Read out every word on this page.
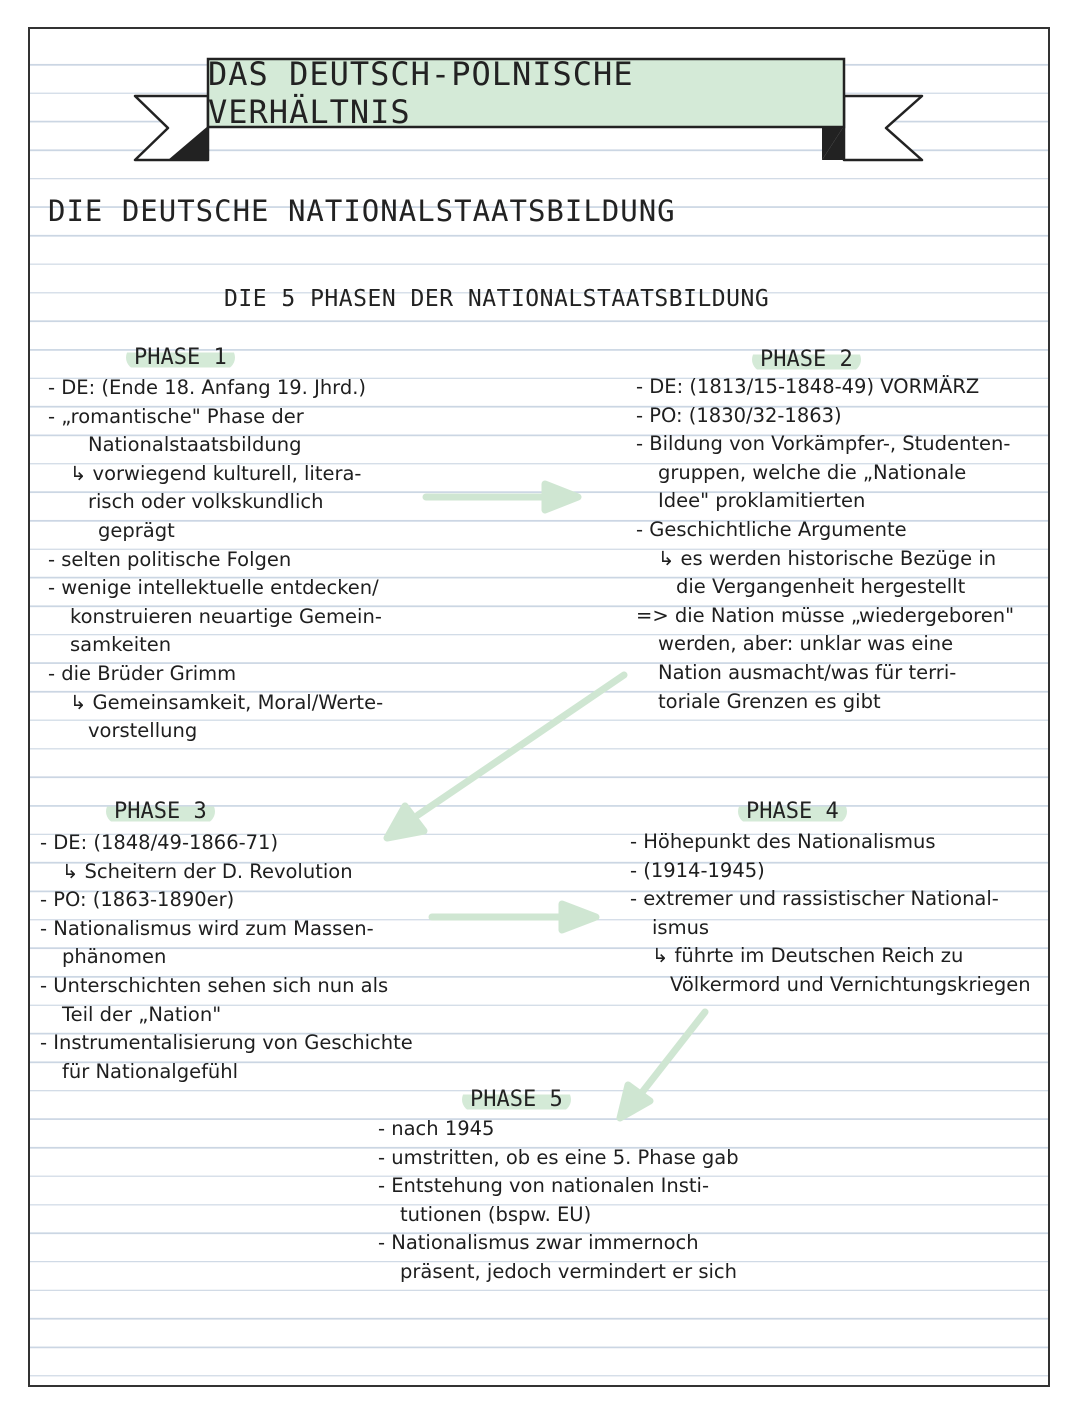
DAS DEUTSCH-POLNISCHE VERHÄLTNIS
DIE DEUTSCHE NATIONALSTAATSBILDUNG
DIE 5 PHASEN DER NATIONALSTAATSBILDUNG
PHASE 1
- DE: (Ende 18. Anfang 19. Jhrd.)
- „romantische" Phase der
Nationalstaatsbildung
↳ vorwiegend kulturell, litera-
risch oder volkskundlich
geprägt
- selten politische Folgen
- wenige intellektuelle entdecken/
konstruieren neuartige Gemein-
samkeiten
- die Brüder Grimm
↳ Gemeinsamkeit, Moral/Werte-
vorstellung
PHASE 2
- DE: (1813/15-1848-49) VORMÄRZ
- PO: (1830/32-1863)
- Bildung von Vorkämpfer-, Studenten-
gruppen, welche die „Nationale
Idee" proklamitierten
- Geschichtliche Argumente
↳ es werden historische Bezüge in
die Vergangenheit hergestellt
=> die Nation müsse „wiedergeboren"
werden, aber: unklar was eine
Nation ausmacht/was für terri-
toriale Grenzen es gibt
PHASE 3
- DE: (1848/49-1866-71)
↳ Scheitern der D. Revolution
- PO: (1863-1890er)
- Nationalismus wird zum Massen-
phänomen
- Unterschichten sehen sich nun als
Teil der „Nation"
- Instrumentalisierung von Geschichte
für Nationalgefühl
PHASE 4
- Höhepunkt des Nationalismus
- (1914-1945)
- extremer und rassistischer National-
ismus
↳ führte im Deutschen Reich zu
Völkermord und Vernichtungskriegen
PHASE 5
- nach 1945
- umstritten, ob es eine 5. Phase gab
- Entstehung von nationalen Insti-
tutionen (bspw. EU)
- Nationalismus zwar immernoch
präsent, jedoch vermindert er sich
